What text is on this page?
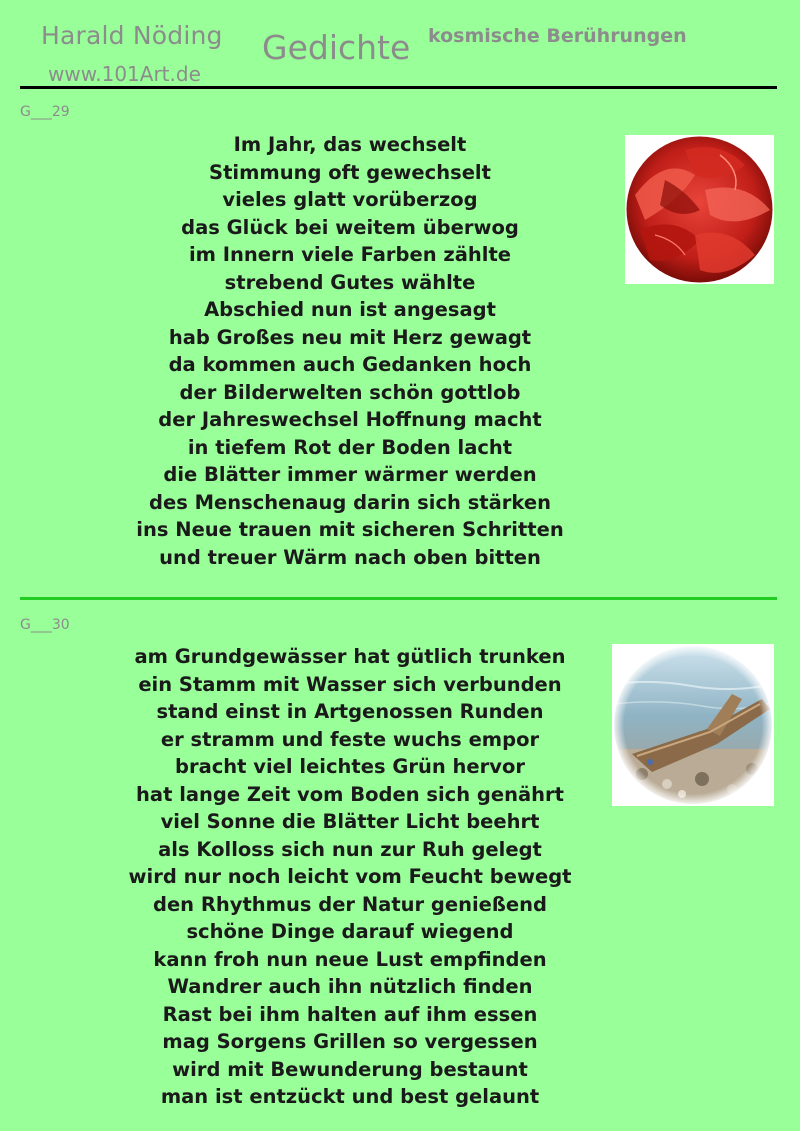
Harald Nöding
www.101Art.de
Gedichte kosmische Berührungen
G___29
Im Jahr, das wechselt
Stimmung oft gewechselt
vieles glatt vorüberzog
das Glück bei weitem überwog
im Innern viele Farben zählte
strebend Gutes wählte
Abschied nun ist angesagt
hab Großes neu mit Herz gewagt
da kommen auch Gedanken hoch
der Bilderwelten schön gottlob
der Jahreswechsel Hoffnung macht
in tiefem Rot der Boden lacht
die Blätter immer wärmer werden
des Menschenaug darin sich stärken
ins Neue trauen mit sicheren Schritten
und treuer Wärm nach oben bitten
G___30
am Grundgewässer hat gütlich trunken
ein Stamm mit Wasser sich verbunden
stand einst in Artgenossen Runden
er stramm und feste wuchs empor
bracht viel leichtes Grün hervor
hat lange Zeit vom Boden sich genährt
viel Sonne die Blätter Licht beehrt
als Kolloss sich nun zur Ruh gelegt
wird nur noch leicht vom Feucht bewegt
den Rhythmus der Natur genießend
schöne Dinge darauf wiegend
kann froh nun neue Lust empfinden
Wandrer auch ihn nützlich finden
Rast bei ihm halten auf ihm essen
mag Sorgens Grillen so vergessen
wird mit Bewunderung bestaunt
man ist entzückt und best gelaunt
